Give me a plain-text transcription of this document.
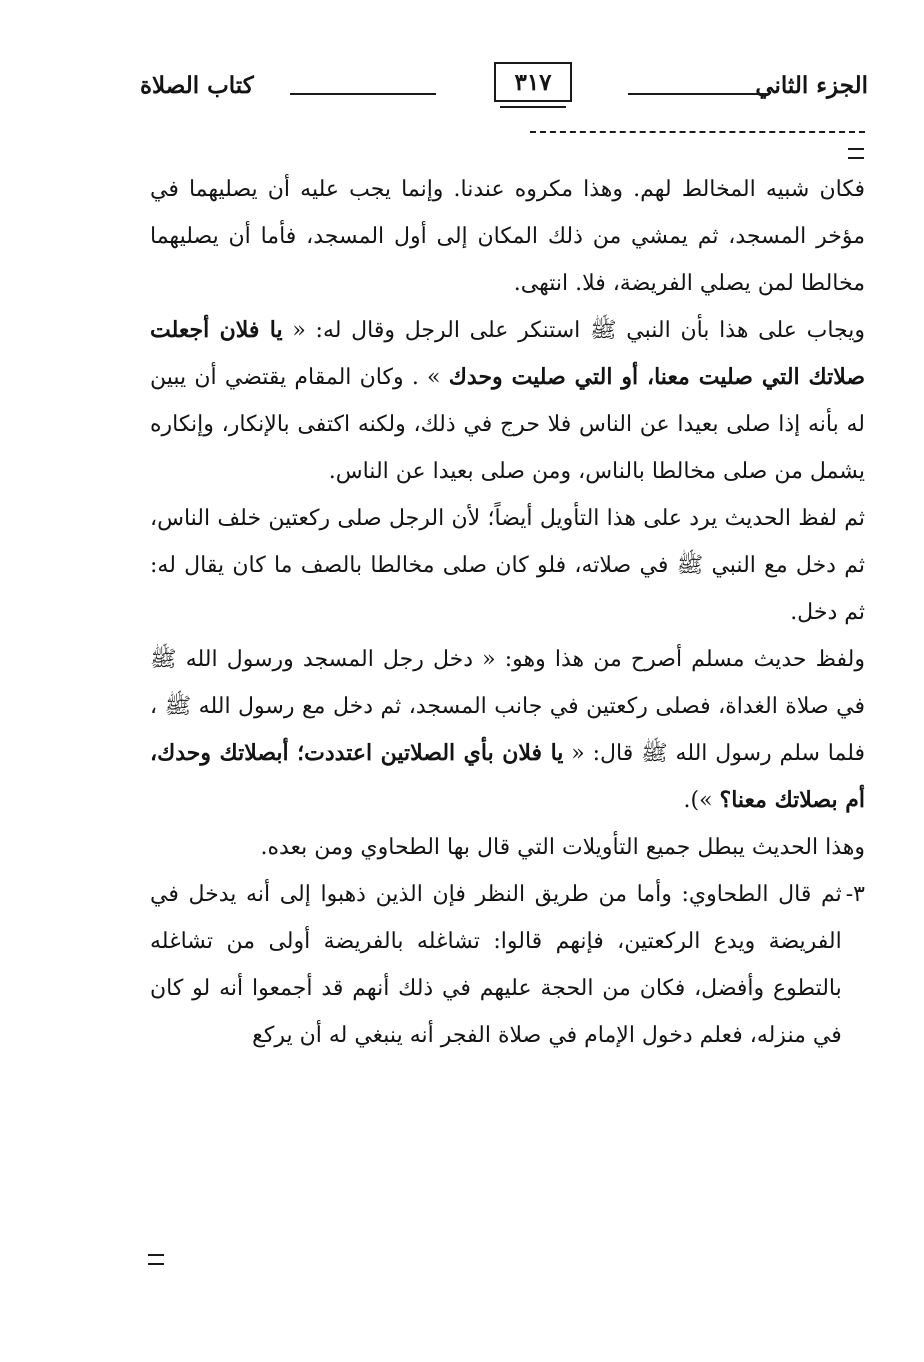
الجزء الثاني
٣١٧
كتاب الصلاة

فكان شبيه المخالط لهم. وهذا مكروه عندنا. وإنما يجب عليه أن يصليهما في مؤخر المسجد، ثم يمشي من ذلك المكان إلى أول المسجد، فأما أن يصليهما مخالطا لمن يصلي الفريضة، فلا. انتهى.

ويجاب على هذا بأن النبي ﷺ استنكر على الرجل وقال له: « يا فلان أجعلت صلاتك التي صليت معنا، أو التي صليت وحدك » . وكان المقام يقتضي أن يبين له بأنه إذا صلى بعيدا عن الناس فلا حرج في ذلك، ولكنه اكتفى بالإنكار، وإنكاره يشمل من صلى مخالطا بالناس، ومن صلى بعيدا عن الناس.

ثم لفظ الحديث يرد على هذا التأويل أيضاً؛ لأن الرجل صلى ركعتين خلف الناس، ثم دخل مع النبي ﷺ في صلاته، فلو كان صلى مخالطا بالصف ما كان يقال له: ثم دخل.

ولفظ حديث مسلم أصرح من هذا وهو: « دخل رجل المسجد ورسول الله ﷺ في صلاة الغداة، فصلى ركعتين في جانب المسجد، ثم دخل مع رسول الله ﷺ ، فلما سلم رسول الله ﷺ قال: « يا فلان بأي الصلاتين اعتددت؛ أبصلاتك وحدك، أم بصلاتك معنا؟ »).

وهذا الحديث يبطل جميع التأويلات التي قال بها الطحاوي ومن بعده.

٣-
ثم قال الطحاوي: وأما من طريق النظر فإن الذين ذهبوا إلى أنه يدخل في الفريضة ويدع الركعتين، فإنهم قالوا: تشاغله بالفريضة أولى من تشاغله بالتطوع وأفضل، فكان من الحجة عليهم في ذلك أنهم قد أجمعوا أنه لو كان في منزله، فعلم دخول الإمام في صلاة الفجر أنه ينبغي له أن يركع
